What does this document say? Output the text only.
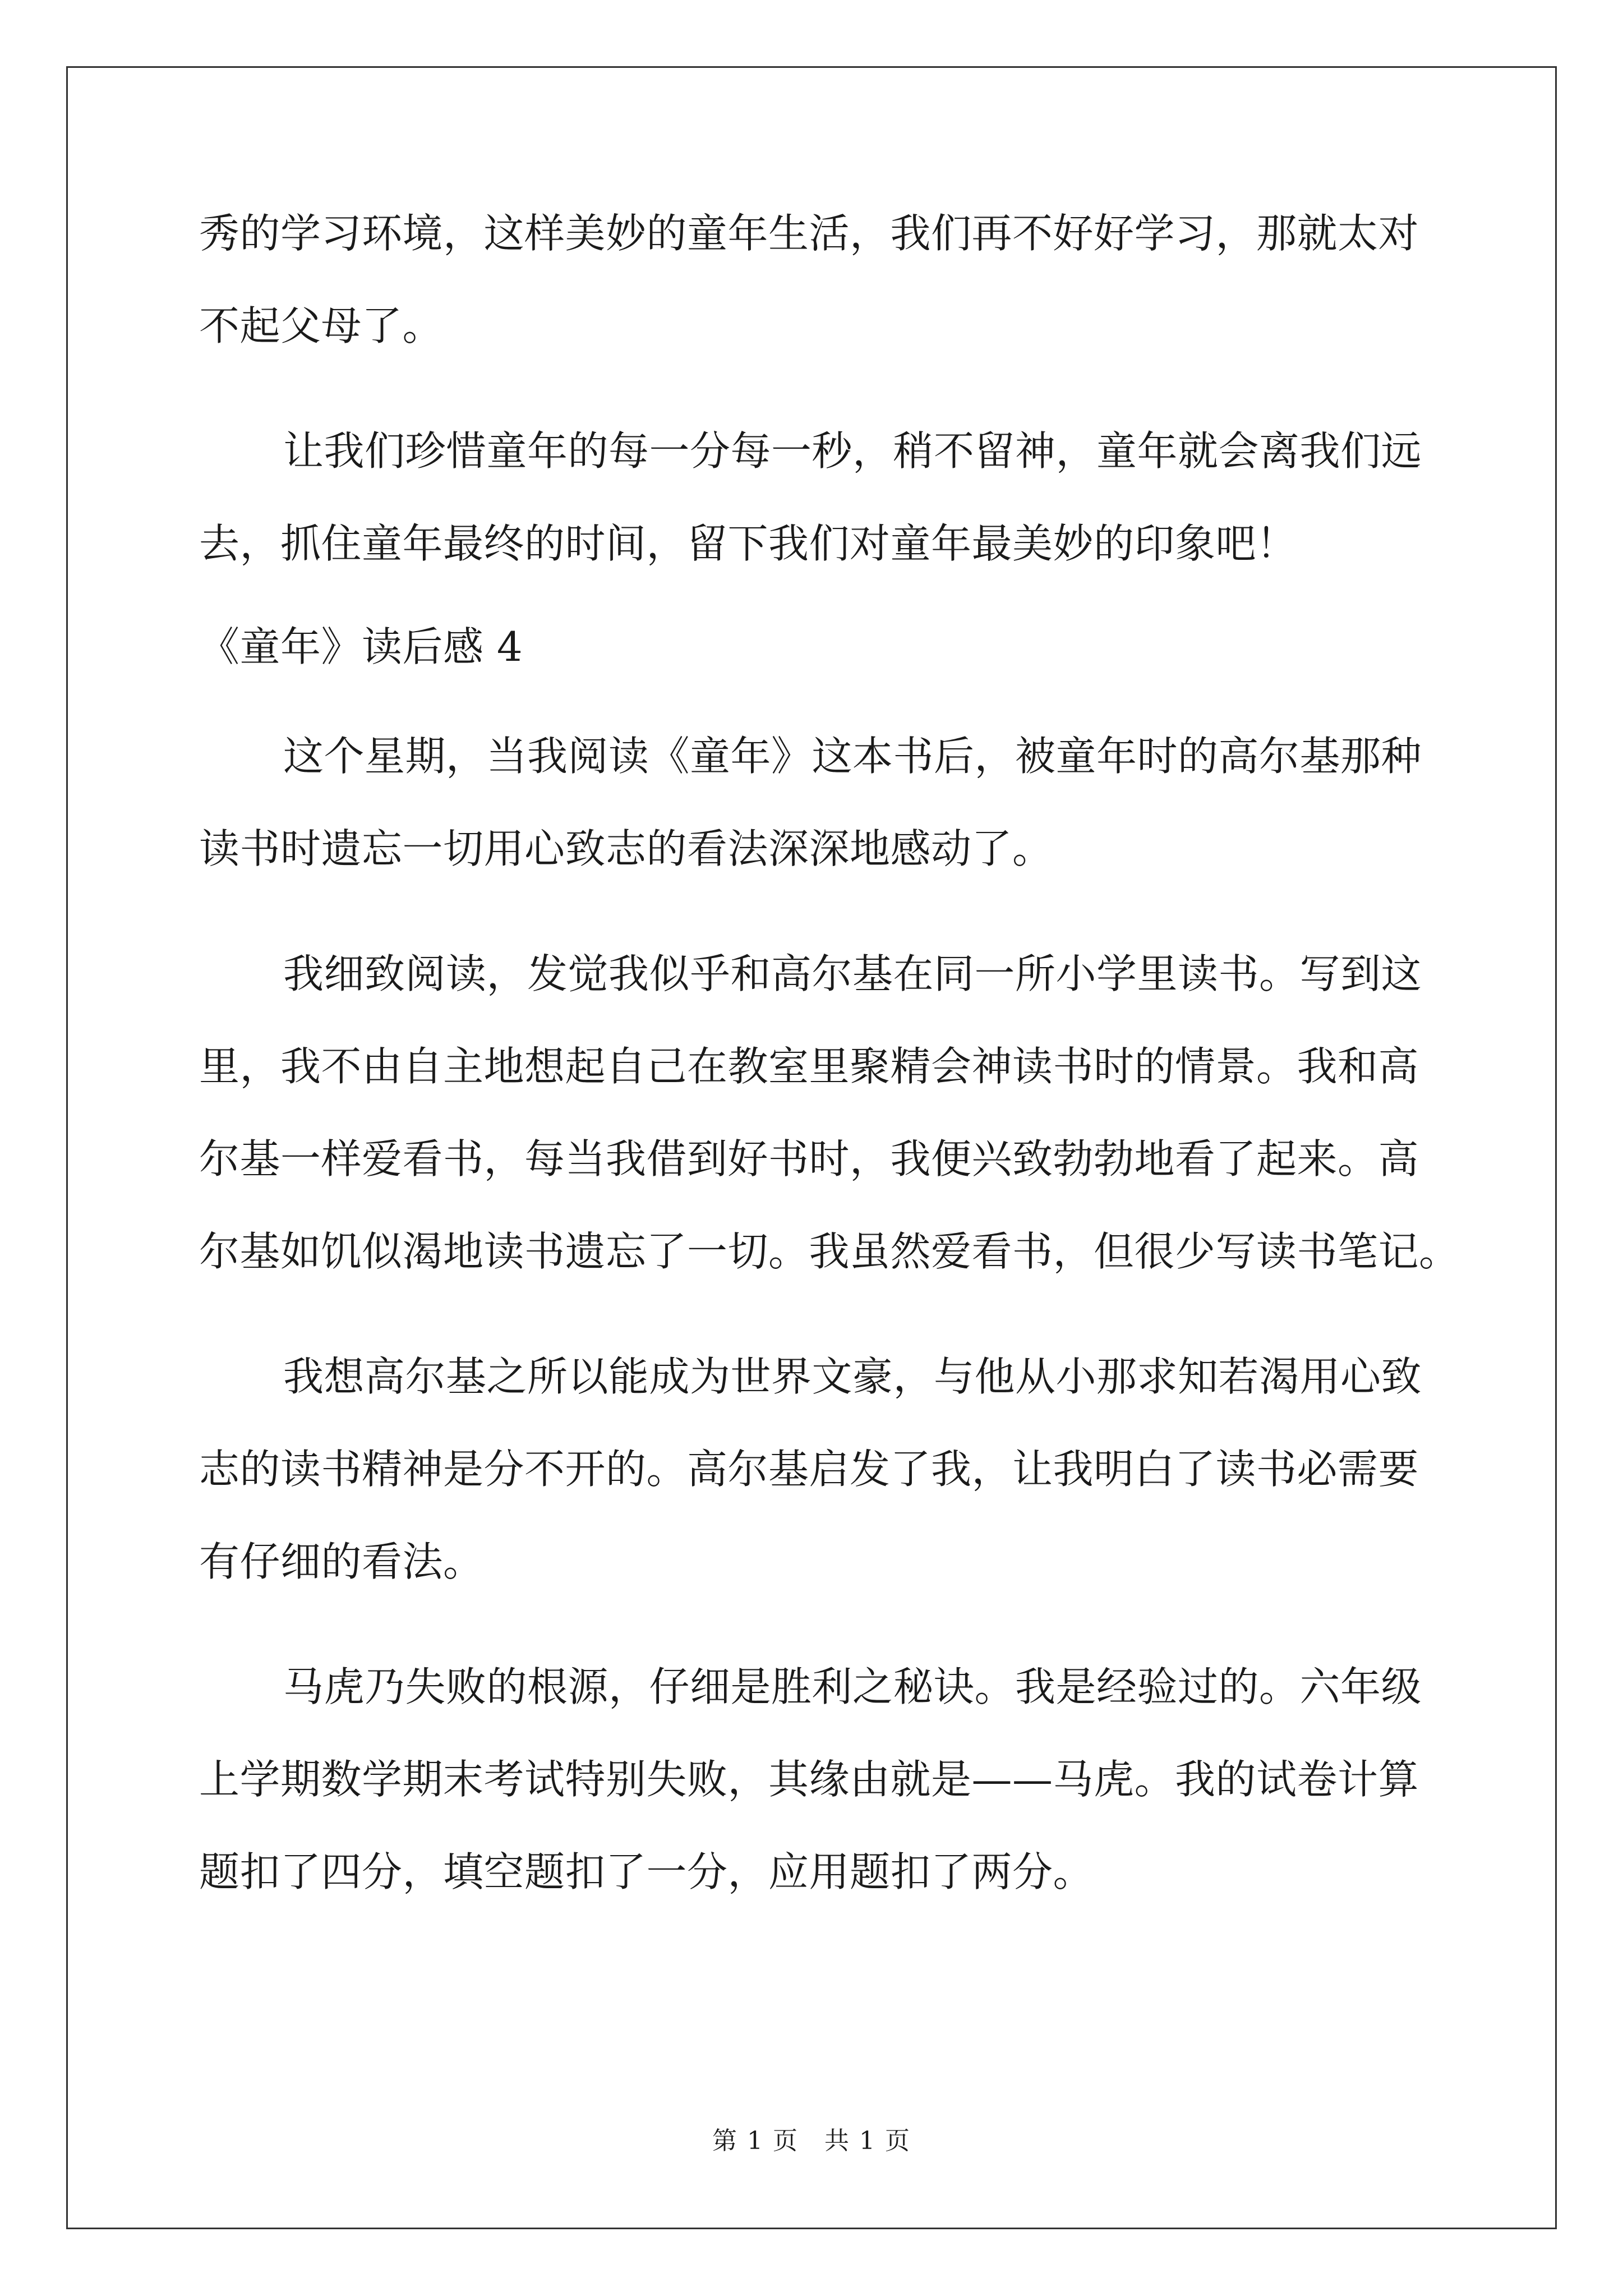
秀的学习环境，这样美妙的童年生活，我们再不好好学习，那就太对
不起父母了。
让我们珍惜童年的每一分每一秒，稍不留神，童年就会离我们远
去，抓住童年最终的时间，留下我们对童年最美妙的印象吧！
《童年》读后感 4
这个星期，当我阅读《童年》这本书后，被童年时的高尔基那种
读书时遗忘一切用心致志的看法深深地感动了。
我细致阅读，发觉我似乎和高尔基在同一所小学里读书。写到这
里，我不由自主地想起自己在教室里聚精会神读书时的情景。我和高
尔基一样爱看书，每当我借到好书时，我便兴致勃勃地看了起来。高
尔基如饥似渴地读书遗忘了一切。我虽然爱看书，但很少写读书笔记。
我想高尔基之所以能成为世界文豪，与他从小那求知若渴用心致
志的读书精神是分不开的。高尔基启发了我，让我明白了读书必需要
有仔细的看法。
马虎乃失败的根源，仔细是胜利之秘诀。我是经验过的。六年级
上学期数学期末考试特别失败，其缘由就是——马虎。我的试卷计算
题扣了四分，填空题扣了一分，应用题扣了两分。
第 1 页　共 1 页
